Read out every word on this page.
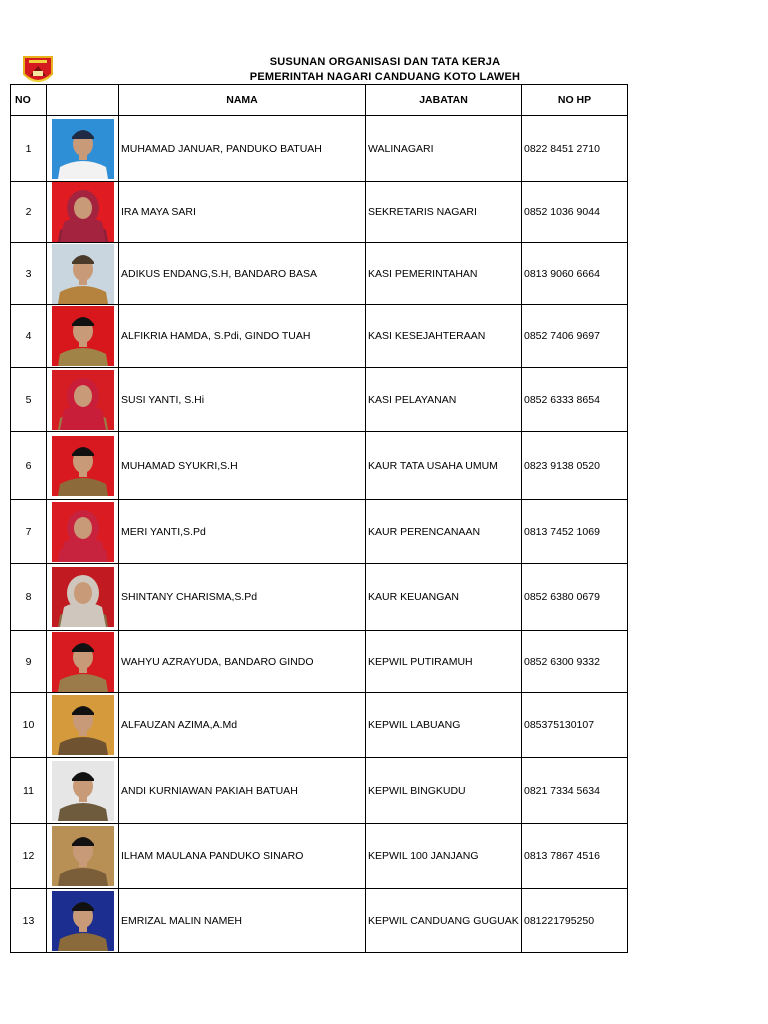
SUSUNAN ORGANISASI DAN TATA KERJA
PEMERINTAH NAGARI CANDUANG KOTO LAWEH
NO		NAMA	JABATAN	NO HP
1		MUHAMAD JANUAR, PANDUKO BATUAH	WALINAGARI	0822 8451 2710
2		IRA MAYA SARI	SEKRETARIS NAGARI	0852 1036 9044
3		ADIKUS ENDANG,S.H, BANDARO BASA	KASI PEMERINTAHAN	0813 9060 6664
4		ALFIKRIA HAMDA, S.Pdi, GINDO TUAH	KASI KESEJAHTERAAN	0852 7406 9697
5		SUSI YANTI, S.Hi	KASI PELAYANAN	0852 6333 8654
6		MUHAMAD SYUKRI,S.H	KAUR TATA USAHA UMUM	0823 9138 0520
7		MERI YANTI,S.Pd	KAUR PERENCANAAN	0813 7452 1069
8		SHINTANY CHARISMA,S.Pd	KAUR KEUANGAN	0852 6380 0679
9		WAHYU AZRAYUDA, BANDARO GINDO	KEPWIL PUTIRAMUH	0852 6300 9332
10		ALFAUZAN AZIMA,A.Md	KEPWIL LABUANG	085375130107
11		ANDI KURNIAWAN PAKIAH BATUAH	KEPWIL BINGKUDU	0821 7334 5634
12		ILHAM MAULANA PANDUKO SINARO	KEPWIL 100 JANJANG	0813 7867 4516
13		EMRIZAL MALIN NAMEH	KEPWIL CANDUANG GUGUAK	081221795250
